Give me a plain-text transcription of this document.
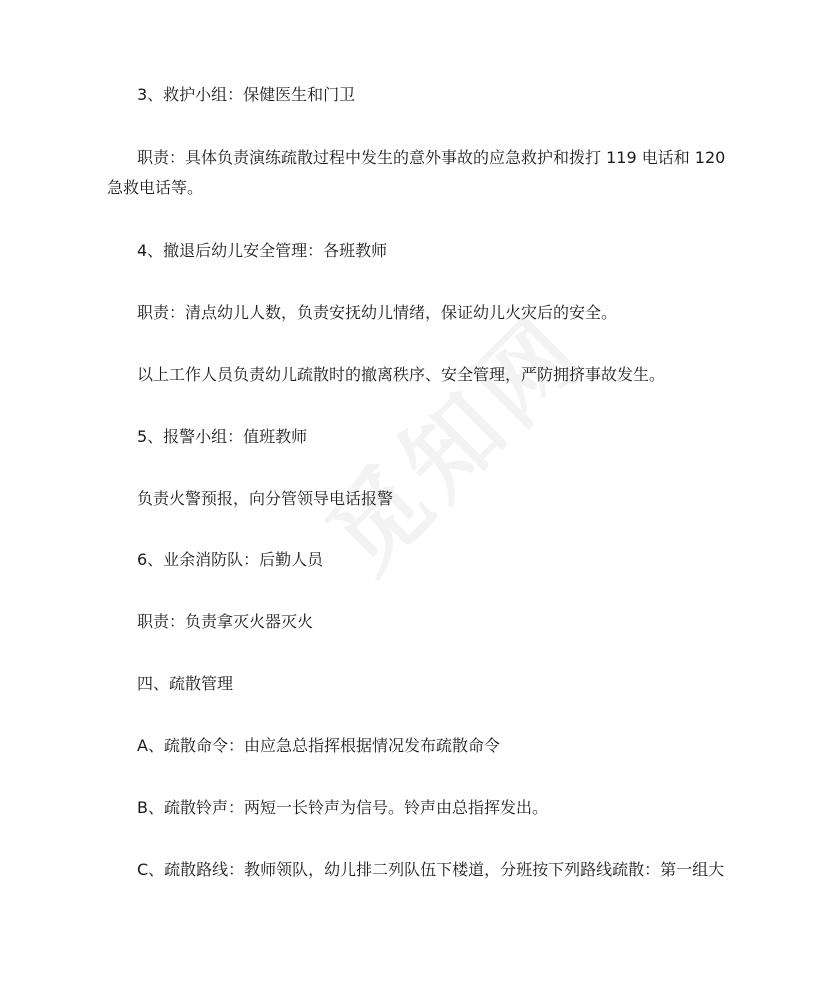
3、救护小组：保健医生和门卫

职责：具体负责演练疏散过程中发生的意外事故的应急救护和拨打 119 电话和 120 急救电话等。

4、撤退后幼儿安全管理：各班教师

职责：清点幼儿人数，负责安抚幼儿情绪，保证幼儿火灾后的安全。

以上工作人员负责幼儿疏散时的撤离秩序、安全管理，严防拥挤事故发生。

5、报警小组：值班教师

负责火警预报，向分管领导电话报警

6、业余消防队：后勤人员

职责：负责拿灭火器灭火

四、疏散管理

A、疏散命令：由应急总指挥根据情况发布疏散命令

B、疏散铃声：两短一长铃声为信号。铃声由总指挥发出。

C、疏散路线：教师领队，幼儿排二列队伍下楼道，分班按下列路线疏散：第一组大
